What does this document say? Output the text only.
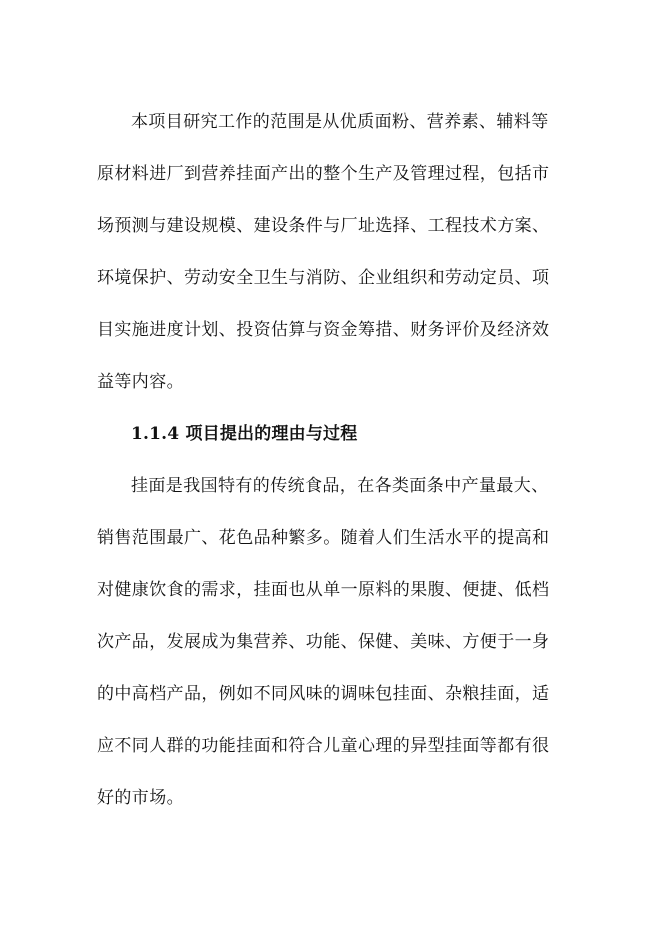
本项目研究工作的范围是从优质面粉、营养素、辅料等
原材料进厂到营养挂面产出的整个生产及管理过程，包括市
场预测与建设规模、建设条件与厂址选择、工程技术方案、
环境保护、劳动安全卫生与消防、企业组织和劳动定员、项
目实施进度计划、投资估算与资金筹措、财务评价及经济效
益等内容。
1.1.4 项目提出的理由与过程
挂面是我国特有的传统食品，在各类面条中产量最大、
销售范围最广、花色品种繁多。随着人们生活水平的提高和
对健康饮食的需求，挂面也从单一原料的果腹、便捷、低档
次产品，发展成为集营养、功能、保健、美味、方便于一身
的中高档产品，例如不同风味的调味包挂面、杂粮挂面，适
应不同人群的功能挂面和符合儿童心理的异型挂面等都有很
好的市场。
